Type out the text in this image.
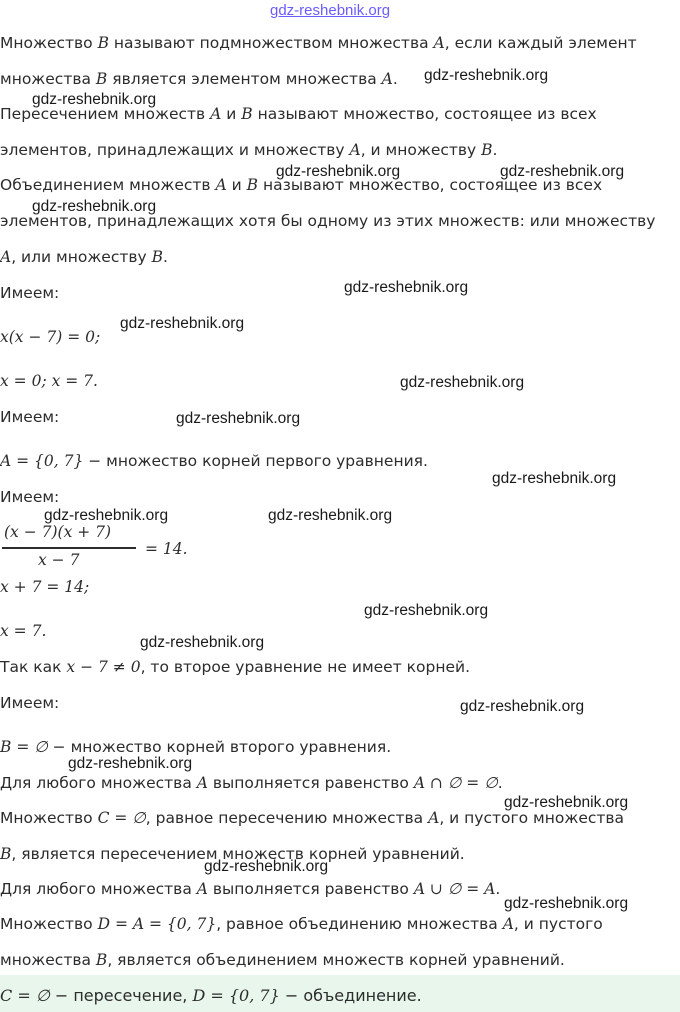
gdz-reshebnik.org
Множество B называют подмножеством множества A, если каждый элемент
множества B является элементом множества A.
Пересечением множеств A и B называют множество, состоящее из всех
элементов, принадлежащих и множеству A, и множеству B.
Объединением множеств A и B называют множество, состоящее из всех
элементов, принадлежащих хотя бы одному из этих множеств: или множеству
A, или множеству B.
Имеем:
x(x − 7) = 0;
x = 0; x = 7.
Имеем:
A = {0, 7} − множество корней первого уравнения.
Имеем:
(x − 7)(x + 7)
x − 7
= 14.
x + 7 = 14;
x = 7.
Так как x − 7 ≠ 0, то второе уравнение не имеет корней.
Имеем:
B = ∅ − множество корней второго уравнения.
Для любого множества A выполняется равенство A ∩ ∅ = ∅.
Множество C = ∅, равное пересечению множества A, и пустого множества
B, является пересечением множеств корней уравнений.
Для любого множества A выполняется равенство A ∪ ∅ = A.
Множество D = A = {0, 7}, равное объединению множества A, и пустого
множества B, является объединением множеств корней уравнений.
C = ∅ − пересечение, D = {0, 7} − объединение.
gdz-reshebnik.org
gdz-reshebnik.org
gdz-reshebnik.org	gdz-reshebnik.org
gdz-reshebnik.org
gdz-reshebnik.org
gdz-reshebnik.org
gdz-reshebnik.org
gdz-reshebnik.org
gdz-reshebnik.org
gdz-reshebnik.org	gdz-reshebnik.org
gdz-reshebnik.org
gdz-reshebnik.org
gdz-reshebnik.org
gdz-reshebnik.org
gdz-reshebnik.org
gdz-reshebnik.org
gdz-reshebnik.org
